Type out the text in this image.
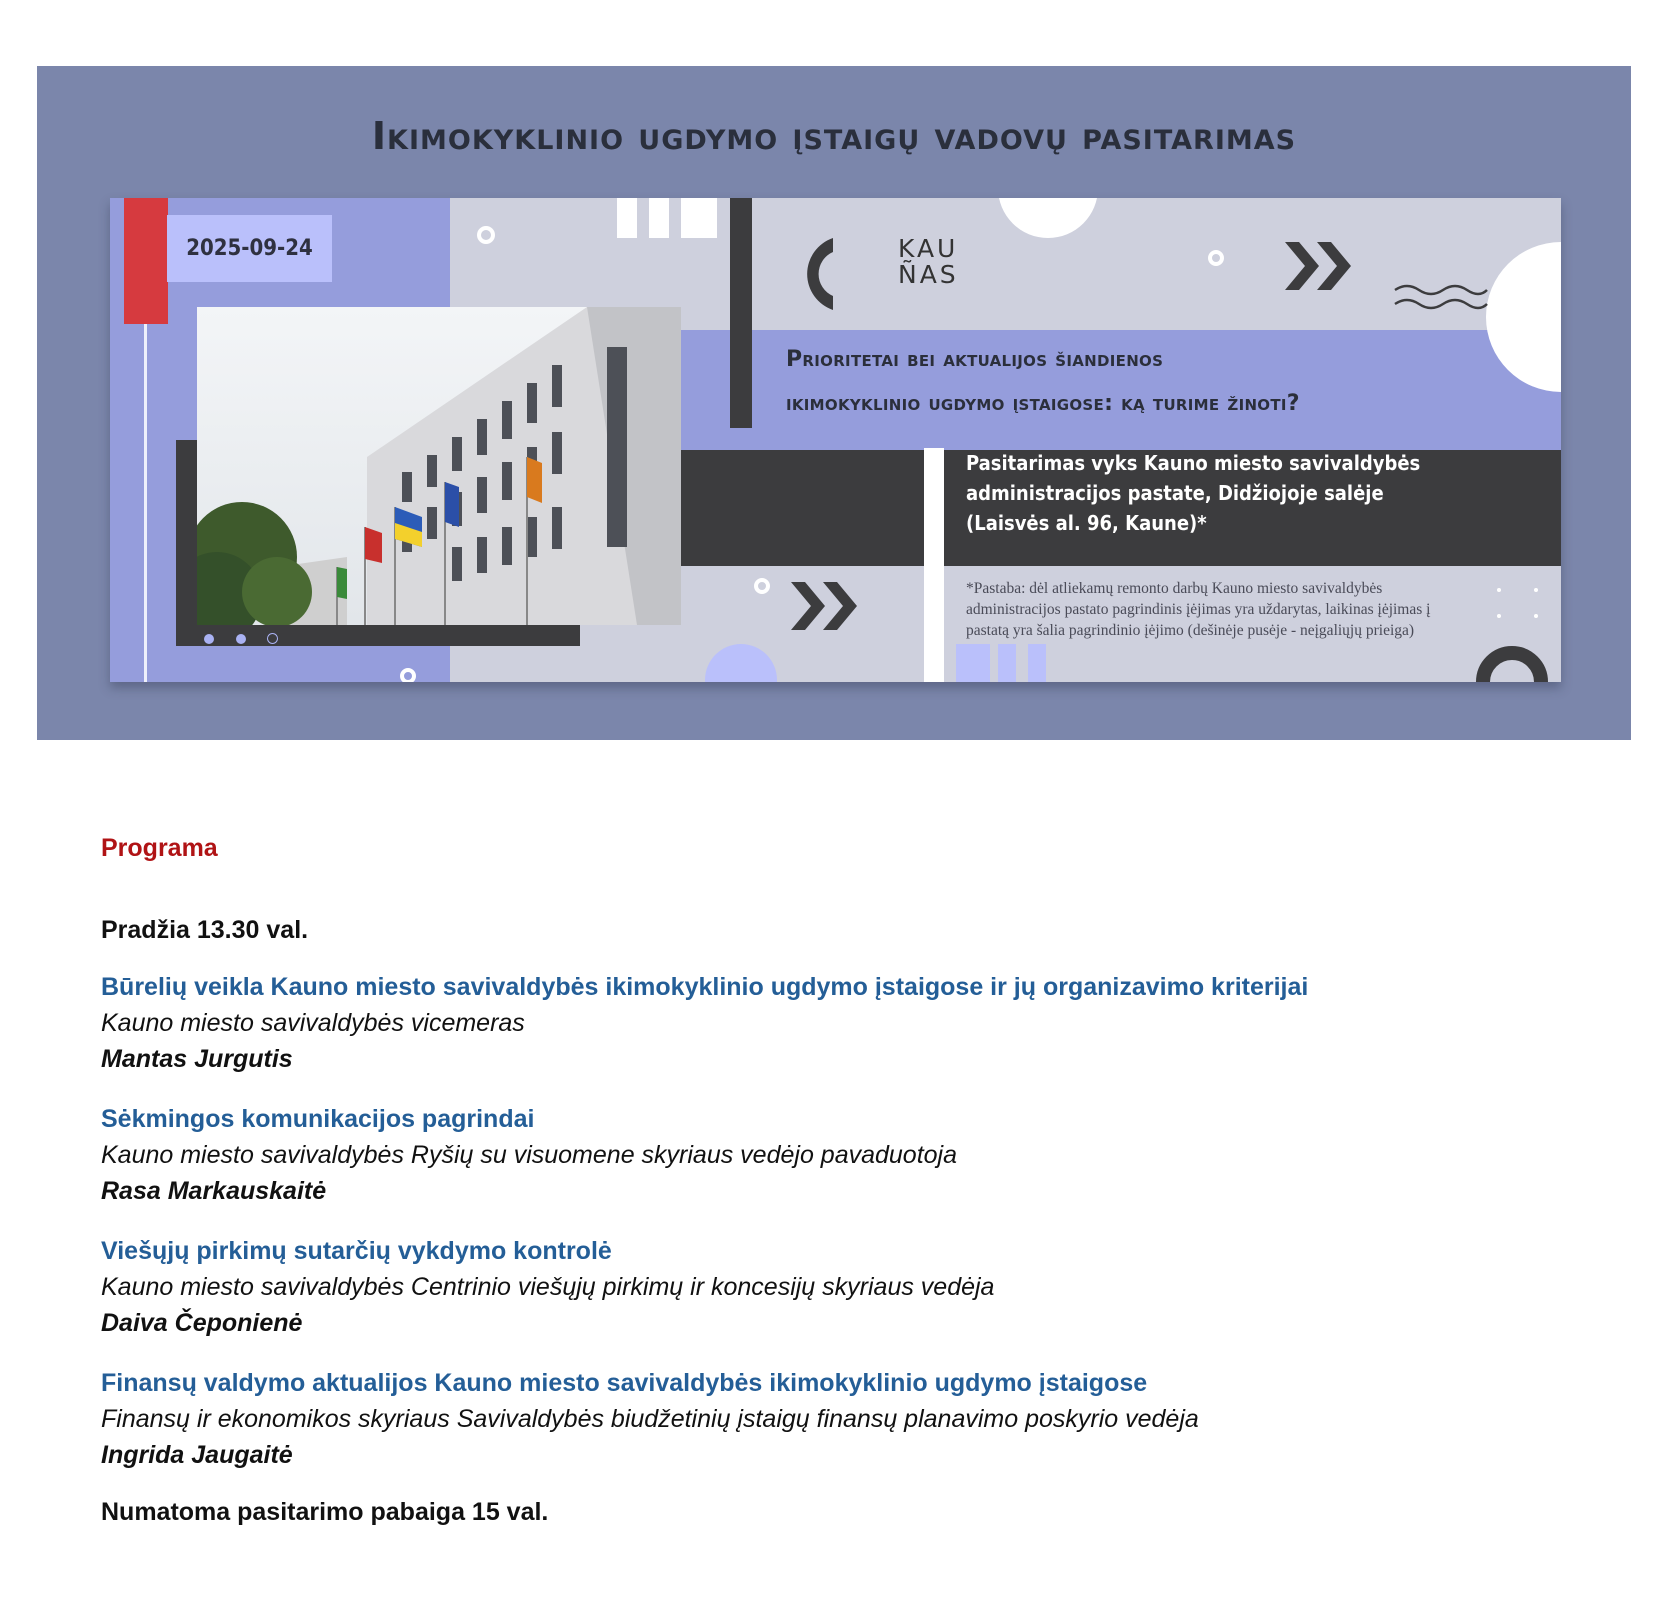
Ikimokyklinio ugdymo įstaigų vadovų pasitarimas
2025-09-24	KAU
ÑAS
Prioritetai bei aktualijos šiandienos
ikimokyklinio ugdymo įstaigose: ką turime žinoti?
Pasitarimas vyks Kauno miesto savivaldybės
administracijos pastate, Didžiojoje salėje
(Laisvės al. 96, Kaune)*
*Pastaba: dėl atliekamų remonto darbų Kauno miesto savivaldybės
administracijos pastato pagrindinis įėjimas yra uždarytas, laikinas įėjimas į
pastatą yra šalia pagrindinio įėjimo (dešinėje pusėje - neįgaliųjų prieiga)
Programa
Pradžia 13.30 val.
Būrelių veikla Kauno miesto savivaldybės ikimokyklinio ugdymo įstaigose ir jų organizavimo kriterijai
Kauno miesto savivaldybės vicemeras
Mantas Jurgutis
Sėkmingos komunikacijos pagrindai
Kauno miesto savivaldybės Ryšių su visuomene skyriaus vedėjo pavaduotoja
Rasa Markauskaitė
Viešųjų pirkimų sutarčių vykdymo kontrolė
Kauno miesto savivaldybės Centrinio viešųjų pirkimų ir koncesijų skyriaus vedėja
Daiva Čeponienė
Finansų valdymo aktualijos Kauno miesto savivaldybės ikimokyklinio ugdymo įstaigose
Finansų ir ekonomikos skyriaus Savivaldybės biudžetinių įstaigų finansų planavimo poskyrio vedėja
Ingrida Jaugaitė
Numatoma pasitarimo pabaiga 15 val.
